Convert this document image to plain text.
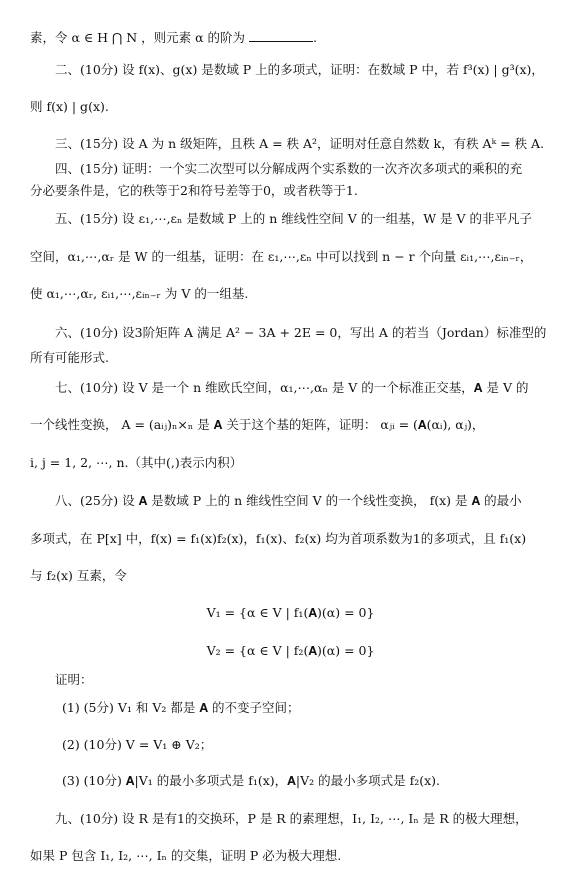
素，令 α ∈ H ⋂ N ，则元素 α 的阶为	.
二、(10分) 设 f(x)、g(x) 是数域 P 上的多项式，证明：在数域 P 中，若 f³(x) | g³(x)，
则 f(x) | g(x).
三、(15分) 设 A 为 n 级矩阵，且秩 A = 秩 A²，证明对任意自然数 k，有秩 Aᵏ = 秩 A.
四、(15分) 证明：一个实二次型可以分解成两个实系数的一次齐次多项式的乘积的充
分必要条件是，它的秩等于2和符号差等于0，或者秩等于1.
五、(15分) 设 ε₁,⋯,εₙ 是数域 P 上的 n 维线性空间 V 的一组基，W 是 V 的非平凡子
空间，α₁,⋯,αᵣ 是 W 的一组基，证明：在 ε₁,⋯,εₙ 中可以找到 n − r 个向量 εᵢ₁,⋯,εᵢₙ₋ᵣ，
使 α₁,⋯,αᵣ, εᵢ₁,⋯,εᵢₙ₋ᵣ 为 V 的一组基.
六、(10分) 设3阶矩阵 A 满足 A² − 3A + 2E = 0，写出 A 的若当（Jordan）标准型的
所有可能形式.
七、(10分) 设 V 是一个 n 维欧氏空间，α₁,⋯,αₙ 是 V 的一个标准正交基，𝐀 是 V 的
一个线性变换， A = (aᵢⱼ)ₙ×ₙ 是 𝐀 关于这个基的矩阵，证明： αⱼᵢ = (𝐀(αᵢ), αⱼ)，
i, j = 1, 2, ⋯, n.（其中(,)表示内积）
八、(25分) 设 𝐀 是数域 P 上的 n 维线性空间 V 的一个线性变换， f(x) 是 𝐀 的最小
多项式，在 P[x] 中，f(x) = f₁(x)f₂(x)，f₁(x)、f₂(x) 均为首项系数为1的多项式，且 f₁(x)
与 f₂(x) 互素，令
V₁ = {α ∈ V | f₁(𝐀)(α) = 0}
V₂ = {α ∈ V | f₂(𝐀)(α) = 0}
证明：
(1) (5分) V₁ 和 V₂ 都是 𝐀 的不变子空间；
(2) (10分) V = V₁ ⊕ V₂；
(3) (10分) 𝐀|V₁ 的最小多项式是 f₁(x)，𝐀|V₂ 的最小多项式是 f₂(x).
九、(10分) 设 R 是有1的交换环，P 是 R 的素理想，I₁, I₂, ⋯, Iₙ 是 R 的极大理想，
如果 P 包含 I₁, I₂, ⋯, Iₙ 的交集，证明 P 必为极大理想.
